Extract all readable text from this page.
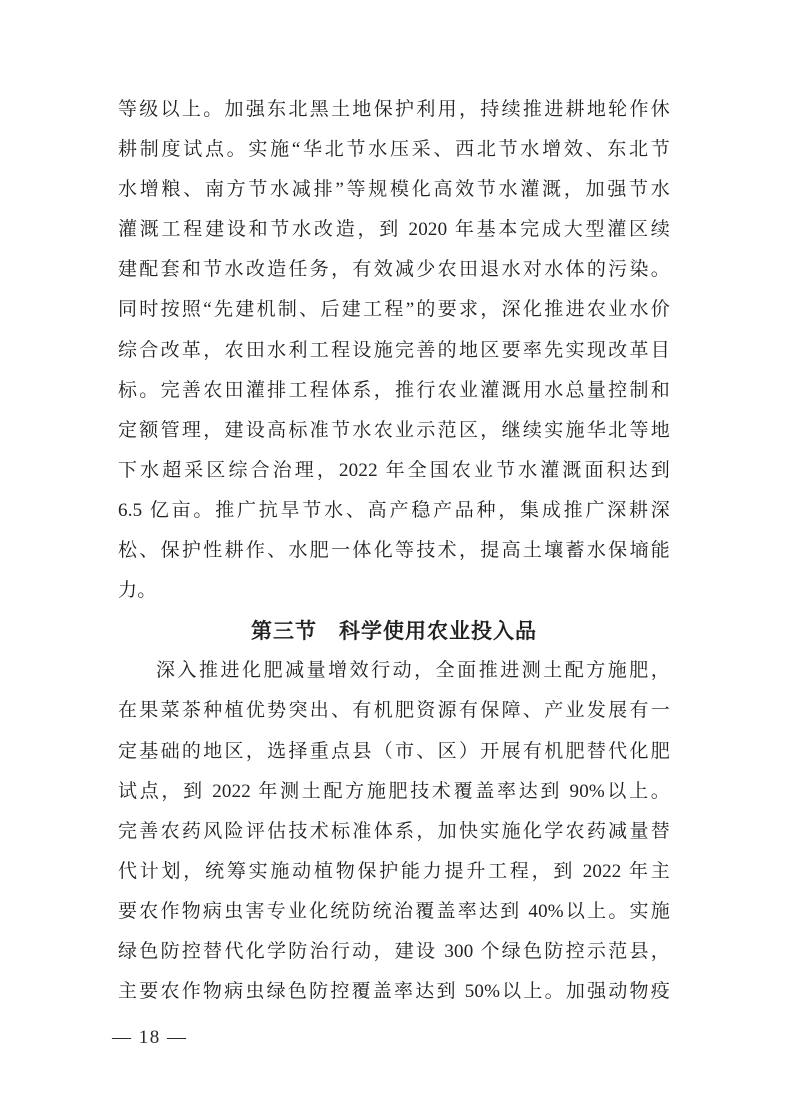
等级以上。加强东北黑土地保护利用，持续推进耕地轮作休
耕制度试点。实施“华北节水压采、西北节水增效、东北节
水增粮、南方节水减排”等规模化高效节水灌溉，加强节水
灌溉工程建设和节水改造，到 2020 年基本完成大型灌区续
建配套和节水改造任务，有效减少农田退水对水体的污染。
同时按照“先建机制、后建工程”的要求，深化推进农业水价
综合改革，农田水利工程设施完善的地区要率先实现改革目
标。完善农田灌排工程体系，推行农业灌溉用水总量控制和
定额管理，建设高标准节水农业示范区，继续实施华北等地
下水超采区综合治理，2022 年全国农业节水灌溉面积达到
6.5 亿亩。推广抗旱节水、高产稳产品种，集成推广深耕深
松、保护性耕作、水肥一体化等技术，提高土壤蓄水保墒能
力。
第三节　科学使用农业投入品
深入推进化肥减量增效行动，全面推进测土配方施肥，
在果菜茶种植优势突出、有机肥资源有保障、产业发展有一
定基础的地区，选择重点县（市、区）开展有机肥替代化肥
试点，到 2022 年测土配方施肥技术覆盖率达到 90%以上。
完善农药风险评估技术标准体系，加快实施化学农药减量替
代计划，统筹实施动植物保护能力提升工程，到 2022 年主
要农作物病虫害专业化统防统治覆盖率达到 40%以上。实施
绿色防控替代化学防治行动，建设 300 个绿色防控示范县，
主要农作物病虫绿色防控覆盖率达到 50%以上。加强动物疫
— 18 —
